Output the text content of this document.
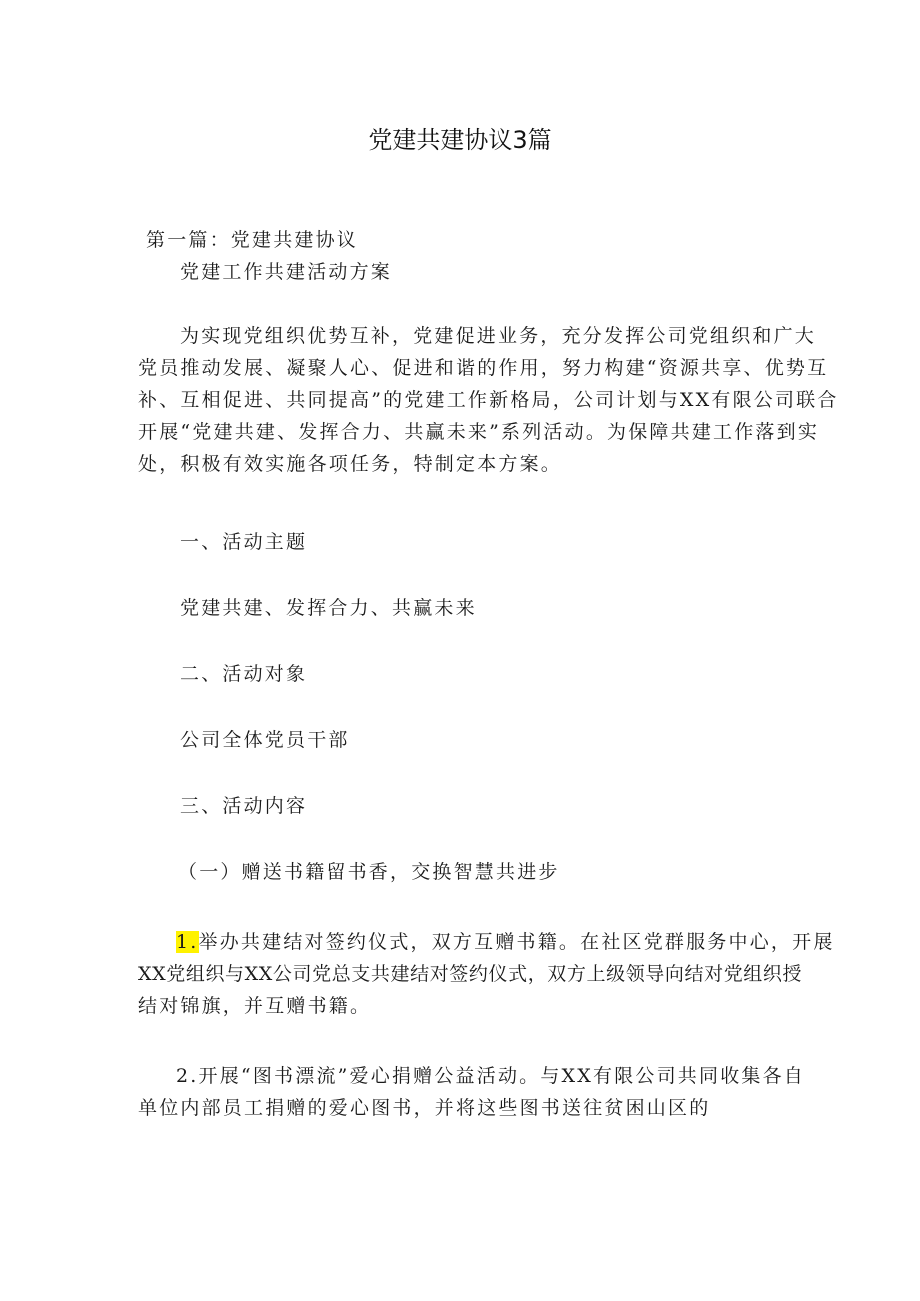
党建共建协议3篇
第一篇：党建共建协议
党建工作共建活动方案
为实现党组织优势互补，党建促进业务，充分发挥公司党组织和广大
党员推动发展、凝聚人心、促进和谐的作用，努力构建“资源共享、优势互
补、互相促进、共同提高”的党建工作新格局，公司计划与XX有限公司联合
开展“党建共建、发挥合力、共赢未来”系列活动。为保障共建工作落到实
处，积极有效实施各项任务，特制定本方案。
一、活动主题
党建共建、发挥合力、共赢未来
二、活动对象
公司全体党员干部
三、活动内容
（一）赠送书籍留书香，交换智慧共进步
1.举办共建结对签约仪式，双方互赠书籍。在社区党群服务中心，开展
XX党组织与XX公司党总支共建结对签约仪式，双方上级领导向结对党组织授
结对锦旗，并互赠书籍。
2.开展“图书漂流”爱心捐赠公益活动。与XX有限公司共同收集各自
单位内部员工捐赠的爱心图书，并将这些图书送往贫困山区的
